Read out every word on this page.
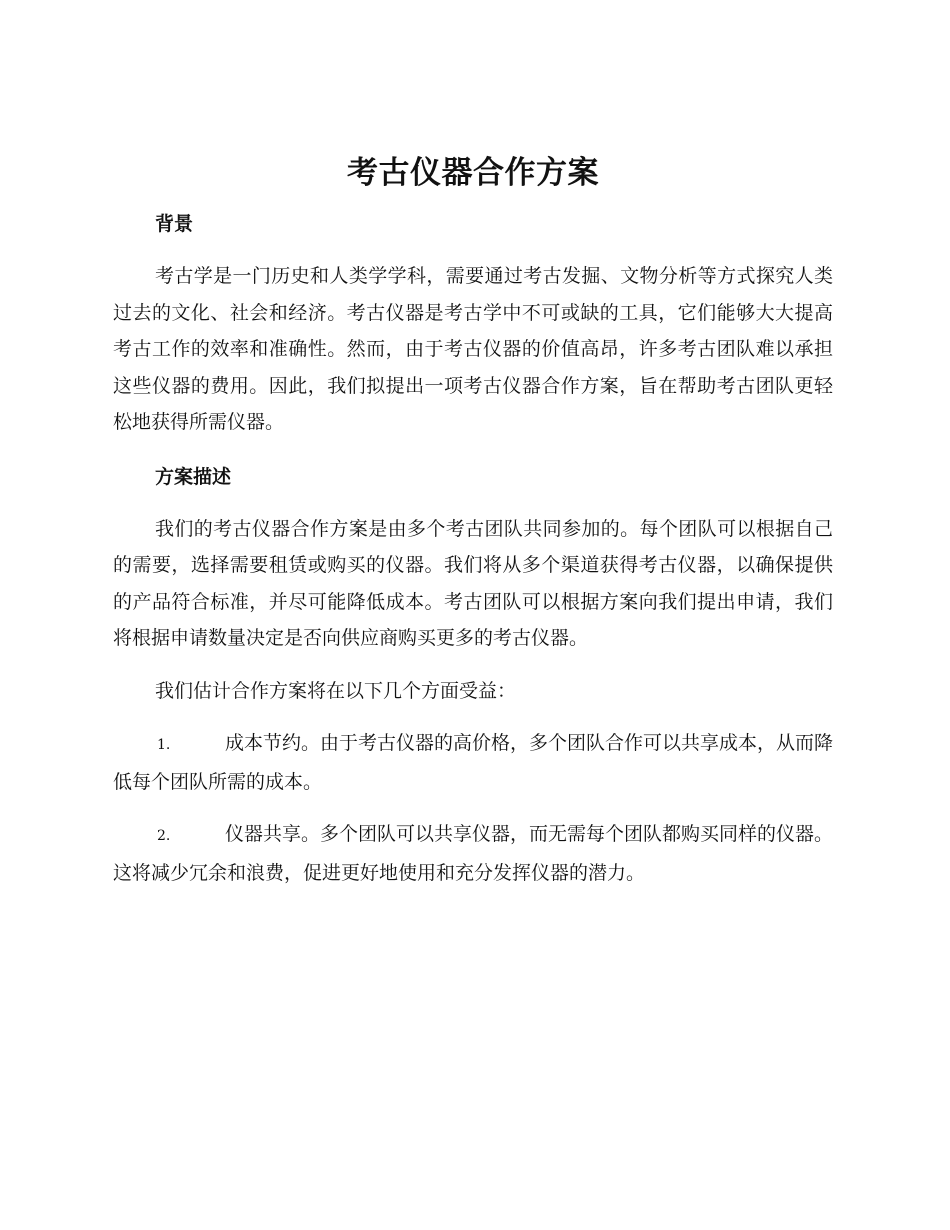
考古仪器合作方案
背景

考古学是一门历史和人类学学科，需要通过考古发掘、文物分析等方式探究人类过去的文化、社会和经济。考古仪器是考古学中不可或缺的工具，它们能够大大提高考古工作的效率和准确性。然而，由于考古仪器的价值高昂，许多考古团队难以承担这些仪器的费用。因此，我们拟提出一项考古仪器合作方案，旨在帮助考古团队更轻松地获得所需仪器。

方案描述

我们的考古仪器合作方案是由多个考古团队共同参加的。每个团队可以根据自己的需要，选择需要租赁或购买的仪器。我们将从多个渠道获得考古仪器，以确保提供的产品符合标准，并尽可能降低成本。考古团队可以根据方案向我们提出申请，我们将根据申请数量决定是否向供应商购买更多的考古仪器。

我们估计合作方案将在以下几个方面受益：

1.	成本节约。由于考古仪器的高价格，多个团队合作可以共享成本，从而降低每个团队所需的成本。

2.	仪器共享。多个团队可以共享仪器，而无需每个团队都购买同样的仪器。这将减少冗余和浪费，促进更好地使用和充分发挥仪器的潜力。
